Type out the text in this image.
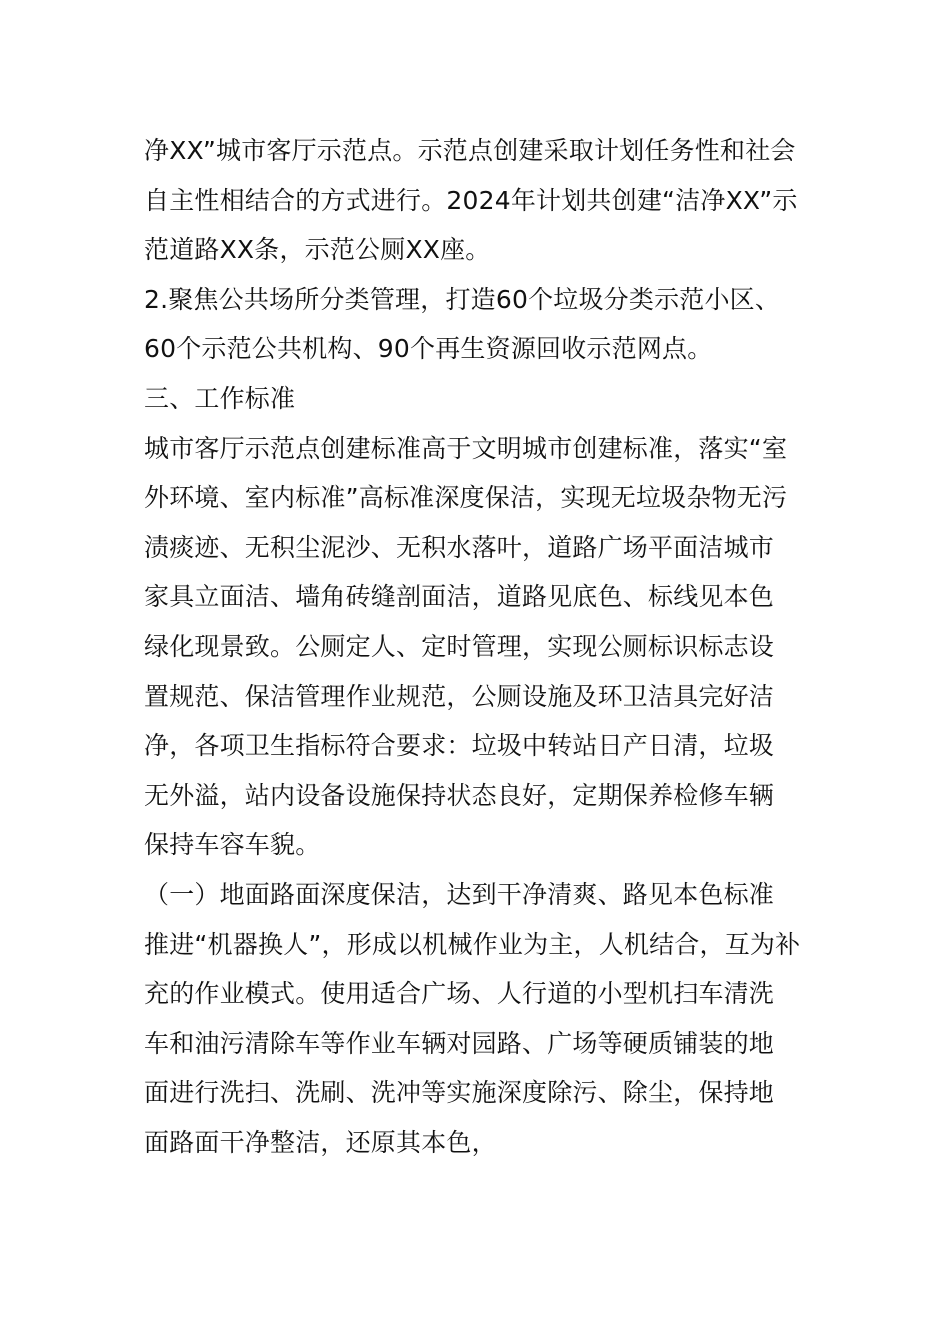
净XX”城市客厅示范点。示范点创建采取计划任务性和社会
自主性相结合的方式进行。2024年计划共创建“洁净XX”示
范道路XX条，示范公厕XX座。

2.聚焦公共场所分类管理，打造60个垃圾分类示范小区、
60个示范公共机构、90个再生资源回收示范网点。

三、工作标准

城市客厅示范点创建标准高于文明城市创建标准，落实“室
外环境、室内标准”高标准深度保洁，实现无垃圾杂物无污
渍痰迹、无积尘泥沙、无积水落叶，道路广场平面洁城市
家具立面洁、墙角砖缝剖面洁，道路见底色、标线见本色
绿化现景致。公厕定人、定时管理，实现公厕标识标志设
置规范、保洁管理作业规范，公厕设施及环卫洁具完好洁
净，各项卫生指标符合要求：垃圾中转站日产日清，垃圾
无外溢，站内设备设施保持状态良好，定期保养检修车辆
保持车容车貌。

（一）地面路面深度保洁，达到干净清爽、路见本色标准
推进“机器换人”，形成以机械作业为主，人机结合，互为补
充的作业模式。使用适合广场、人行道的小型机扫车清洗
车和油污清除车等作业车辆对园路、广场等硬质铺装的地
面进行洗扫、洗刷、洗冲等实施深度除污、除尘，保持地
面路面干净整洁，还原其本色，
